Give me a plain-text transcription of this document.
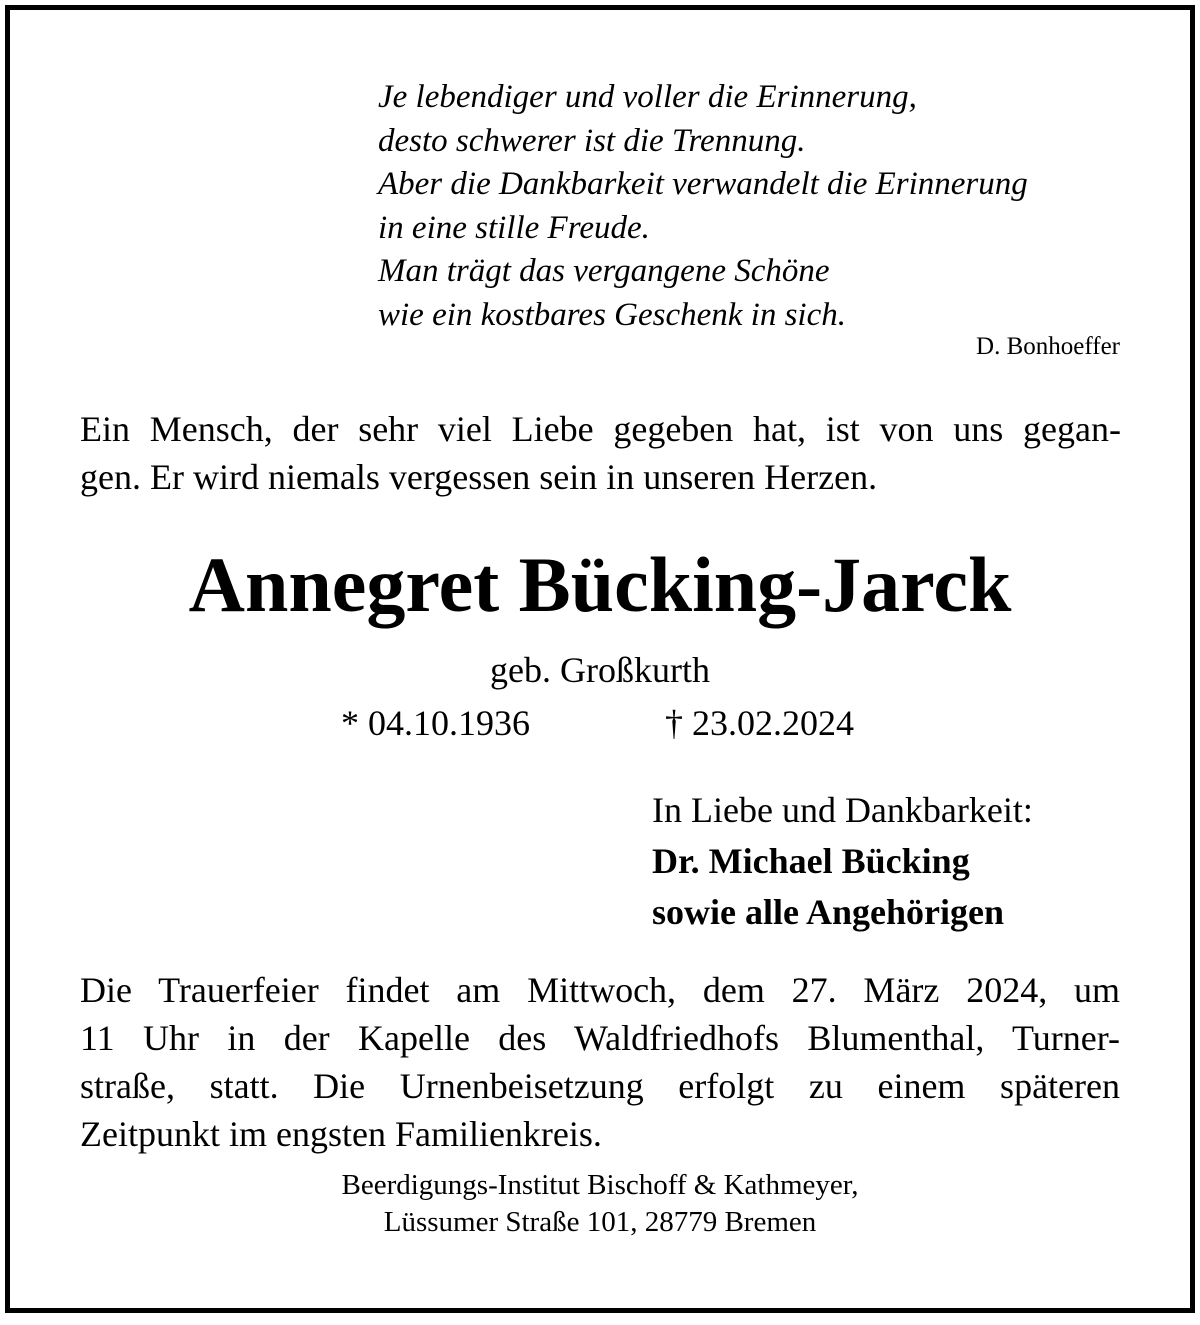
Je lebendiger und voller die Erinnerung,
desto schwerer ist die Trennung.
Aber die Dankbarkeit verwandelt die Erinnerung
in eine stille Freude.
Man trägt das vergangene Schöne
wie ein kostbares Geschenk in sich.
D. Bonhoeffer
Ein Mensch, der sehr viel Liebe gegeben hat, ist von uns gegan-
gen. Er wird niemals vergessen sein in unseren Herzen.
Annegret Bücking-Jarck
geb. Großkurth
* 04.10.1936	† 23.02.2024
In Liebe und Dankbarkeit:
Dr. Michael Bücking
sowie alle Angehörigen
Die Trauerfeier findet am Mittwoch, dem 27. März 2024, um
11 Uhr in der Kapelle des Waldfriedhofs Blumenthal, Turner-
straße, statt. Die Urnenbeisetzung erfolgt zu einem späteren
Zeitpunkt im engsten Familienkreis.
Beerdigungs-Institut Bischoff & Kathmeyer,
Lüssumer Straße 101, 28779 Bremen
